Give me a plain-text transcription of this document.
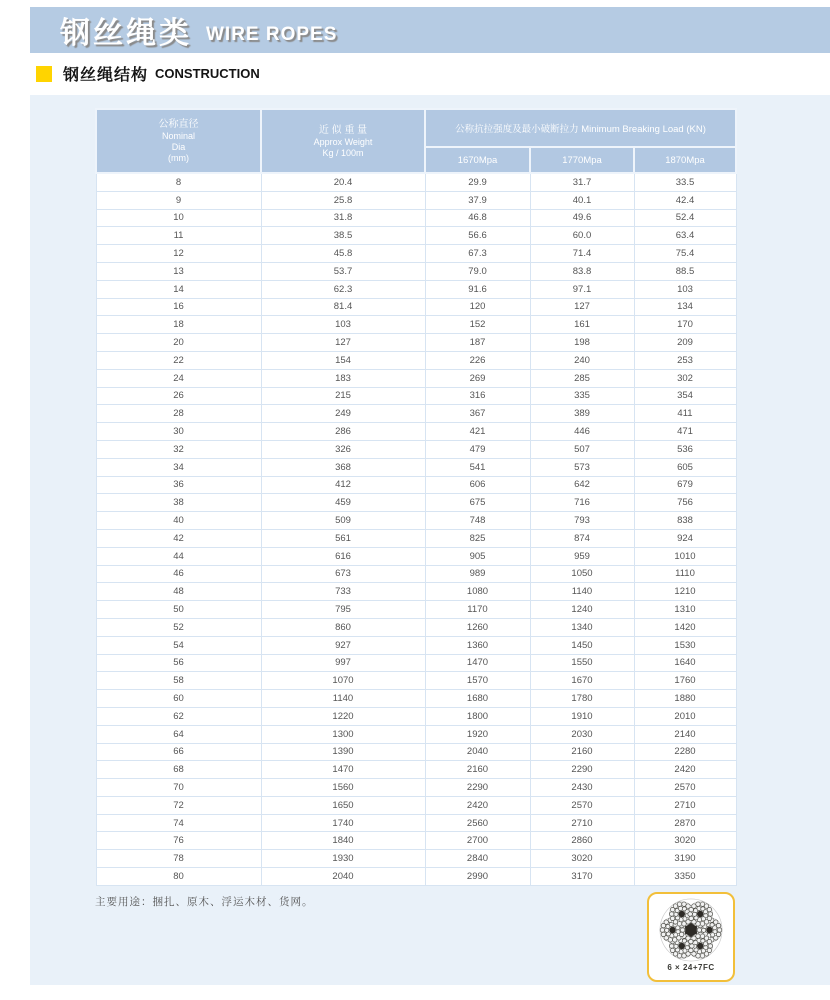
钢丝绳类 WIRE ROPES
钢丝绳结构 CONSTRUCTION
公称直径
Nominal
Dia
(mm)	近 似 重 量
Approx Weight
Kg / 100m	公称抗拉强度及最小破断拉力 Minimum Breaking Load (KN)		
		1670Mpa	1770Mpa	1870Mpa
8	20.4	29.9	31.7	33.5
9	25.8	37.9	40.1	42.4
10	31.8	46.8	49.6	52.4
11	38.5	56.6	60.0	63.4
12	45.8	67.3	71.4	75.4
13	53.7	79.0	83.8	88.5
14	62.3	91.6	97.1	103
16	81.4	120	127	134
18	103	152	161	170
20	127	187	198	209
22	154	226	240	253
24	183	269	285	302
26	215	316	335	354
28	249	367	389	411
30	286	421	446	471
32	326	479	507	536
34	368	541	573	605
36	412	606	642	679
38	459	675	716	756
40	509	748	793	838
42	561	825	874	924
44	616	905	959	1010
46	673	989	1050	1110
48	733	1080	1140	1210
50	795	1170	1240	1310
52	860	1260	1340	1420
54	927	1360	1450	1530
56	997	1470	1550	1640
58	1070	1570	1670	1760
60	1140	1680	1780	1880
62	1220	1800	1910	2010
64	1300	1920	2030	2140
66	1390	2040	2160	2280
68	1470	2160	2290	2420
70	1560	2290	2430	2570
72	1650	2420	2570	2710
74	1740	2560	2710	2870
76	1840	2700	2860	3020
78	1930	2840	3020	3190
80	2040	2990	3170	3350
主要用途：捆扎、原木、浮运木材、货网。
6 × 24+7FC
